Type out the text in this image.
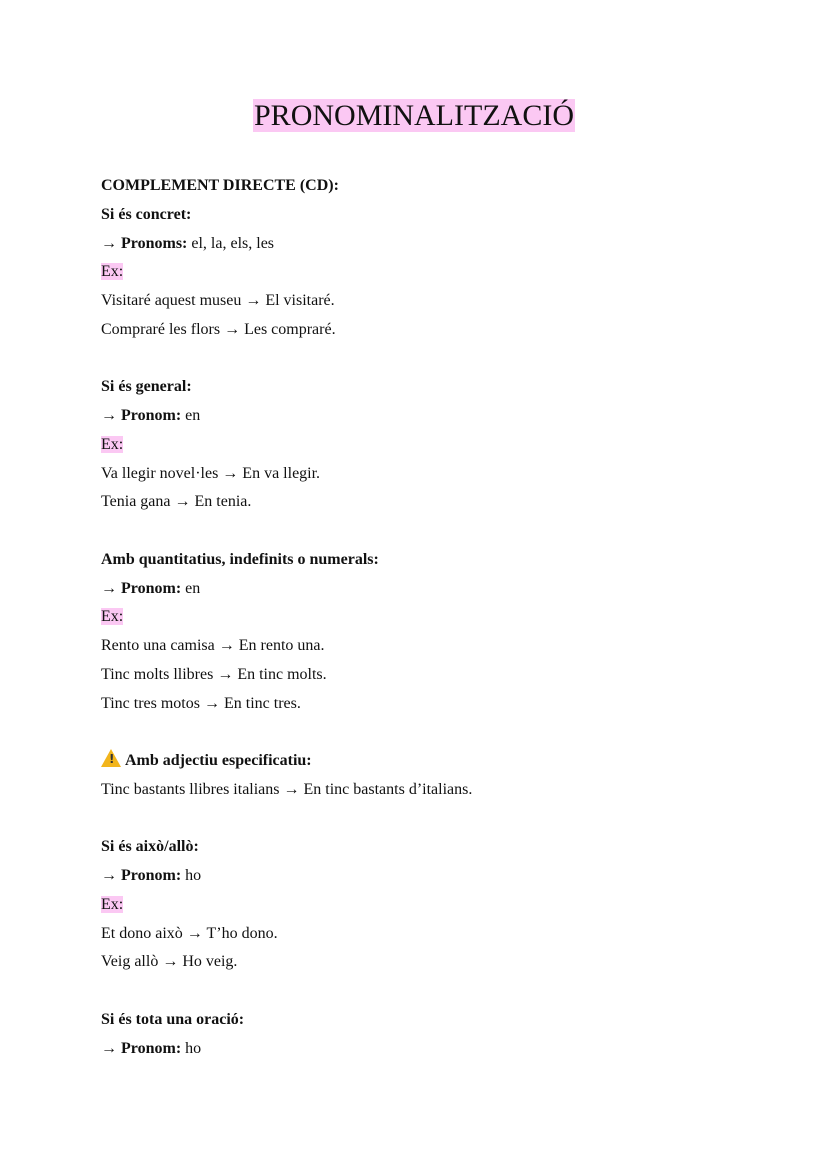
PRONOMINALITZACIÓ
COMPLEMENT DIRECTE (CD):
Si és concret:
→ Pronoms: el, la, els, les
Ex:
Visitaré aquest museu → El visitaré.
Compraré les flors → Les compraré.
Si és general:
→ Pronom: en
Ex:
Va llegir novel·les → En va llegir.
Tenia gana → En tenia.
Amb quantitatius, indefinits o numerals:
→ Pronom: en
Ex:
Rento una camisa → En rento una.
Tinc molts llibres → En tinc molts.
Tinc tres motos → En tinc tres.
!Amb adjectiu especificatiu:
Tinc bastants llibres italians → En tinc bastants d’italians.
Si és això/allò:
→ Pronom: ho
Ex:
Et dono això → T’ho dono.
Veig allò → Ho veig.
Si és tota una oració:
→ Pronom: ho
